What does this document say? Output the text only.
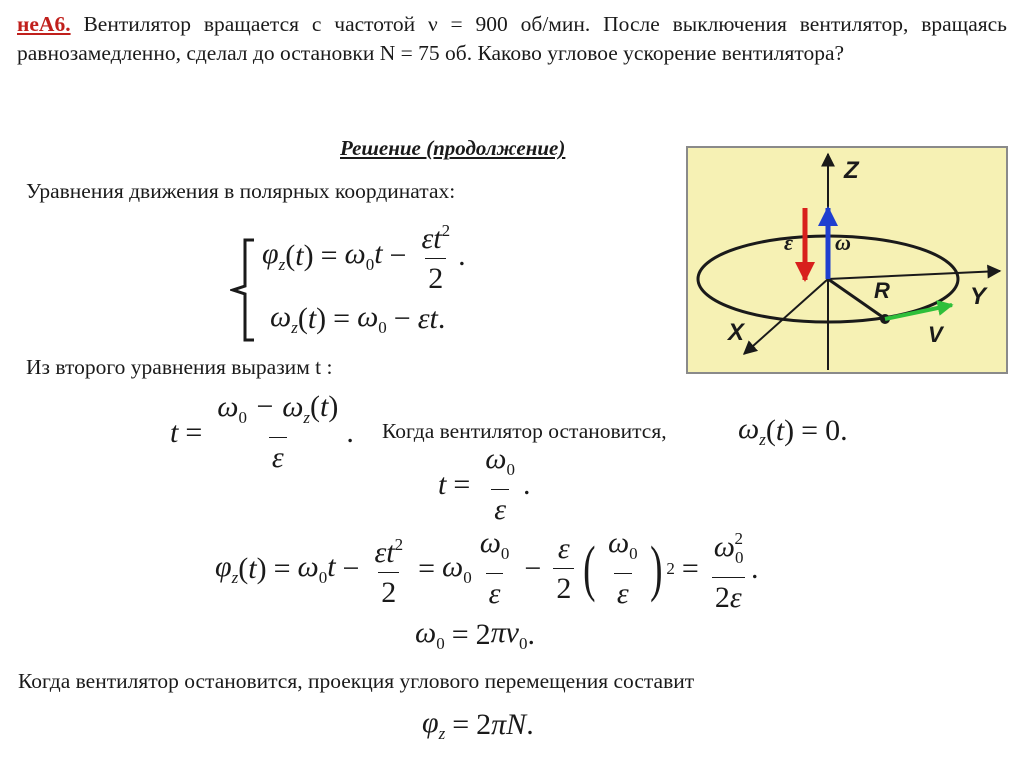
неА6. Вентилятор вращается с частотой ν = 900 об/мин. После выключения вентилятор, вращаясь равнозамедленно, сделал до остановки N = 75 об. Каково угловое ускорение вентилятора?
Решение (продолжение)
Уравнения движения в полярных координатах:
$\varphi_z$ ( t ) = $\omega_0t - \frac{\varepsilon t^2}{2}$ .
$\omega_z$ ( t ) = $\omega_0 - \varepsilon t$ .
Из второго уравнения выразим t :
$t = \frac{\omega_0 - \omega_z(t)}{\varepsilon}$ . Когда вентилятор остановится, $\omega_z$ ( t ) = 0.
$t = \frac{\omega_0}{\varepsilon}$ .
$\varphi_z$ ( t ) = $\omega_0t - \frac{\varepsilon t^2}{2} = \omega_0 \frac{\omega_0}{\varepsilon} - \frac{\varepsilon}{2}$ ( $\frac{\omega_0}{\varepsilon}$ ) $2 = \frac{\omega_0^2}{2\varepsilon}$ .
$\omega_0 = 2$ $\pi\nu_0$ .
Когда вентилятор остановится, проекция углового перемещения составит
$\varphi_z = 2$ πN .
Z
Y
X
R
V
ε ω
